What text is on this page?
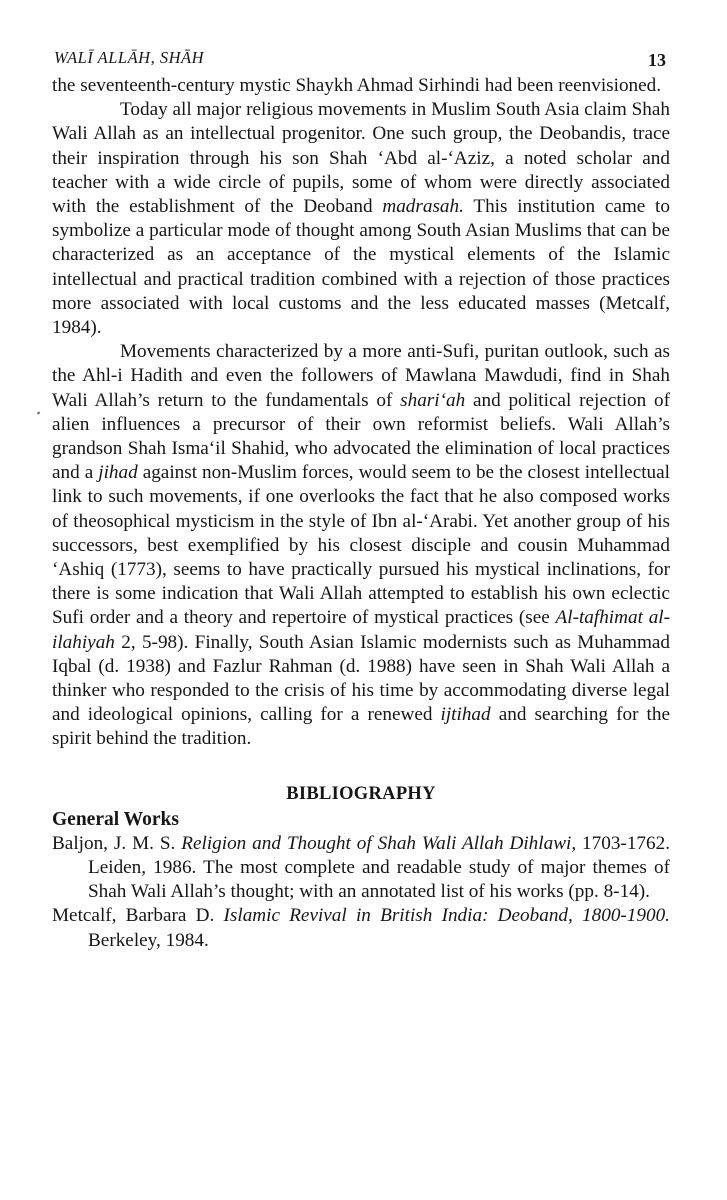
WALĪ ALLĀH, SHĀH	13

the seventeenth-century mystic Shaykh Ahmad Sirhindi had been reenvisioned.

Today all major religious movements in Muslim South Asia claim Shah Wali Allah as an intellectual progenitor. One such group, the Deobandis, trace their inspiration through his son Shah ‘Abd al-‘Aziz, a noted scholar and teacher with a wide circle of pupils, some of whom were directly associated with the establishment of the Deoband madrasah. This institution came to symbolize a particular mode of thought among South Asian Muslims that can be characterized as an acceptance of the mystical elements of the Islamic intellectual and practical tradition combined with a rejection of those practices more associated with local customs and the less educated masses (Metcalf, 1984).

Movements characterized by a more anti-Sufi, puritan outlook, such as the Ahl-i Hadith and even the followers of Mawlana Mawdudi, find in Shah Wali Allah’s return to the fundamentals of shari‘ah and political rejection of alien influences a precursor of their own reformist beliefs. Wali Allah’s grandson Shah Isma‘il Shahid, who advocated the elimination of local practices and a jihad against non-Muslim forces, would seem to be the closest intellectual link to such movements, if one overlooks the fact that he also composed works of theosophical mysticism in the style of Ibn al-‘Arabi. Yet another group of his successors, best exemplified by his closest disciple and cousin Muhammad ‘Ashiq (1773), seems to have practically pursued his mystical inclinations, for there is some indication that Wali Allah attempted to establish his own eclectic Sufi order and a theory and repertoire of mystical practices (see Al-tafhimat al-ilahiyah 2, 5-98). Finally, South Asian Islamic modernists such as Muhammad Iqbal (d. 1938) and Fazlur Rahman (d. 1988) have seen in Shah Wali Allah a thinker who responded to the crisis of his time by accommodating diverse legal and ideological opinions, calling for a renewed ijtihad and searching for the spirit behind the tradition.

BIBLIOGRAPHY
General Works

Baljon, J. M. S. Religion and Thought of Shah Wali Allah Dihlawi, 1703-1762. Leiden, 1986. The most complete and readable study of major themes of Shah Wali Allah’s thought; with an annotated list of his works (pp. 8-14).

Metcalf, Barbara D. Islamic Revival in British India: Deoband, 1800-1900. Berkeley, 1984.
